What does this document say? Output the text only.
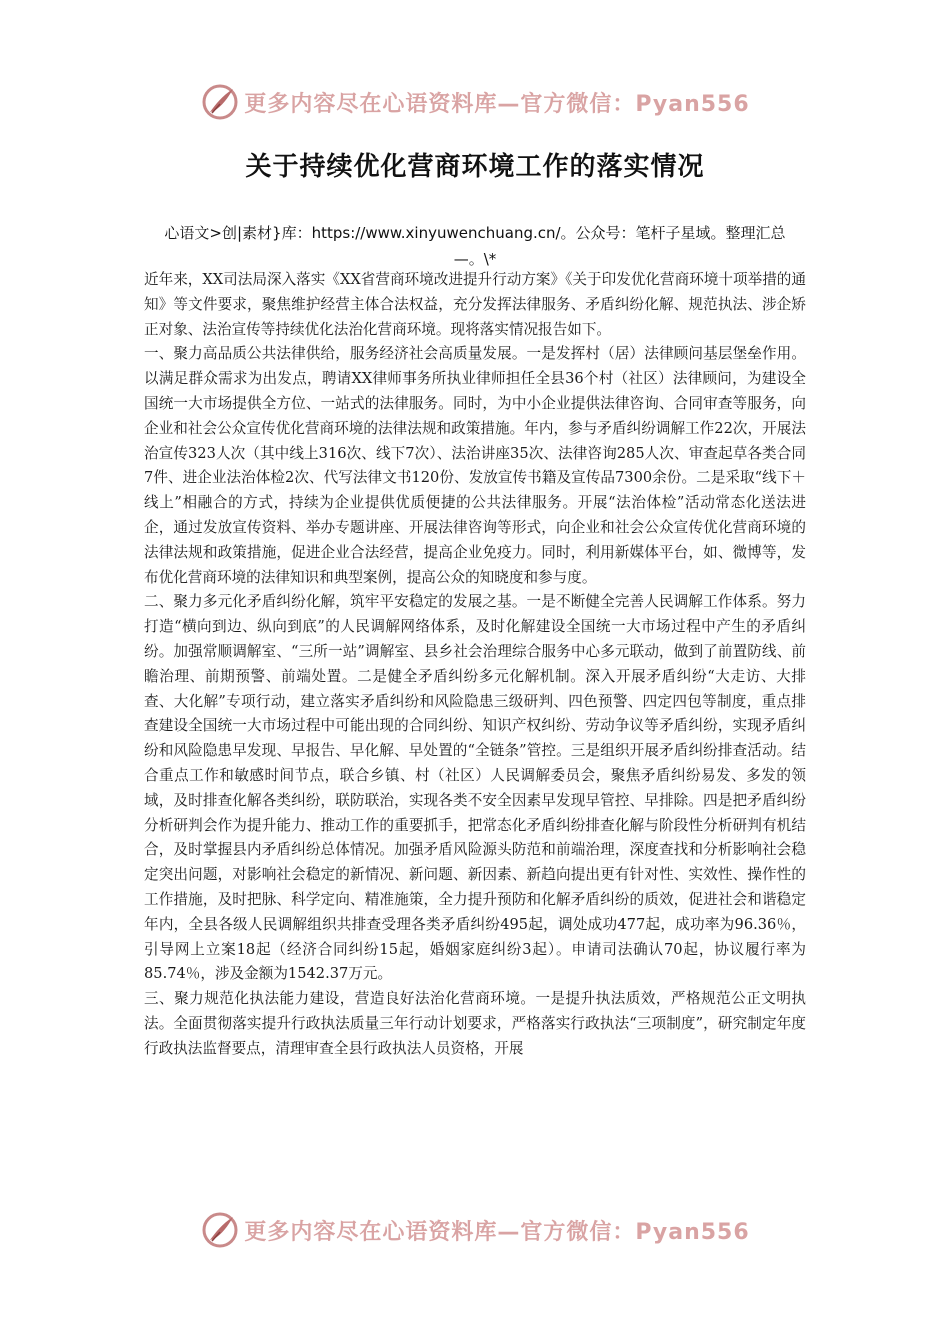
更多内容尽在心语资料库—官方微信：Pyan556
关于持续优化营商环境工作的落实情况

心语文>创|素材}库：https://www.xinyuwenchuang.cn/。公众号：笔杆子星域。整理汇总—。\*

近年来，XX司法局深入落实《XX省营商环境改进提升行动方案》《关于印发优化营商环境十项举措的通知》等文件要求，聚焦维护经营主体合法权益，充分发挥法律服务、矛盾纠纷化解、规范执法、涉企矫正对象、法治宣传等持续优化法治化营商环境。现将落实情况报告如下。

一、聚力高品质公共法律供给，服务经济社会高质量发展。一是发挥村（居）法律顾问基层堡垒作用。以满足群众需求为出发点，聘请XX律师事务所执业律师担任全县36个村（社区）法律顾问，为建设全国统一大市场提供全方位、一站式的法律服务。同时，为中小企业提供法律咨询、合同审查等服务，向企业和社会公众宣传优化营商环境的法律法规和政策措施。年内，参与矛盾纠纷调解工作22次，开展法治宣传323人次（其中线上316次、线下7次）、法治讲座35次、法律咨询285人次、审查起草各类合同7件、进企业法治体检2次、代写法律文书120份、发放宣传书籍及宣传品7300余份。二是采取“线下＋线上”相融合的方式，持续为企业提供优质便捷的公共法律服务。开展“法治体检”活动常态化送法进企，通过发放宣传资料、举办专题讲座、开展法律咨询等形式，向企业和社会公众宣传优化营商环境的法律法规和政策措施，促进企业合法经营，提高企业免疫力。同时，利用新媒体平台，如、微博等，发布优化营商环境的法律知识和典型案例，提高公众的知晓度和参与度。

二、聚力多元化矛盾纠纷化解，筑牢平安稳定的发展之基。一是不断健全完善人民调解工作体系。努力打造“横向到边、纵向到底”的人民调解网络体系，及时化解建设全国统一大市场过程中产生的矛盾纠纷。加强常顺调解室、“三所一站”调解室、县乡社会治理综合服务中心多元联动，做到了前置防线、前瞻治理、前期预警、前端处置。二是健全矛盾纠纷多元化解机制。深入开展矛盾纠纷“大走访、大排查、大化解”专项行动，建立落实矛盾纠纷和风险隐患三级研判、四色预警、四定四包等制度，重点排查建设全国统一大市场过程中可能出现的合同纠纷、知识产权纠纷、劳动争议等矛盾纠纷，实现矛盾纠纷和风险隐患早发现、早报告、早化解、早处置的“全链条”管控。三是组织开展矛盾纠纷排查活动。结合重点工作和敏感时间节点，联合乡镇、村（社区）人民调解委员会，聚焦矛盾纠纷易发、多发的领域，及时排查化解各类纠纷，联防联治，实现各类不安全因素早发现早管控、早排除。四是把矛盾纠纷分析研判会作为提升能力、推动工作的重要抓手，把常态化矛盾纠纷排查化解与阶段性分析研判有机结合，及时掌握县内矛盾纠纷总体情况。加强矛盾风险源头防范和前端治理，深度查找和分析影响社会稳定突出问题，对影响社会稳定的新情况、新问题、新因素、新趋向提出更有针对性、实效性、操作性的工作措施，及时把脉、科学定向、精准施策，全力提升预防和化解矛盾纠纷的质效，促进社会和谐稳定年内，全县各级人民调解组织共排查受理各类矛盾纠纷495起，调处成功477起，成功率为96.36％，引导网上立案18起（经济合同纠纷15起，婚姻家庭纠纷3起）。申请司法确认70起，协议履行率为85.74％，涉及金额为1542.37万元。

三、聚力规范化执法能力建设，营造良好法治化营商环境。一是提升执法质效，严格规范公正文明执法。全面贯彻落实提升行政执法质量三年行动计划要求，严格落实行政执法“三项制度”，研究制定年度行政执法监督要点，清理审查全县行政执法人员资格，开展

更多内容尽在心语资料库—官方微信：Pyan556
